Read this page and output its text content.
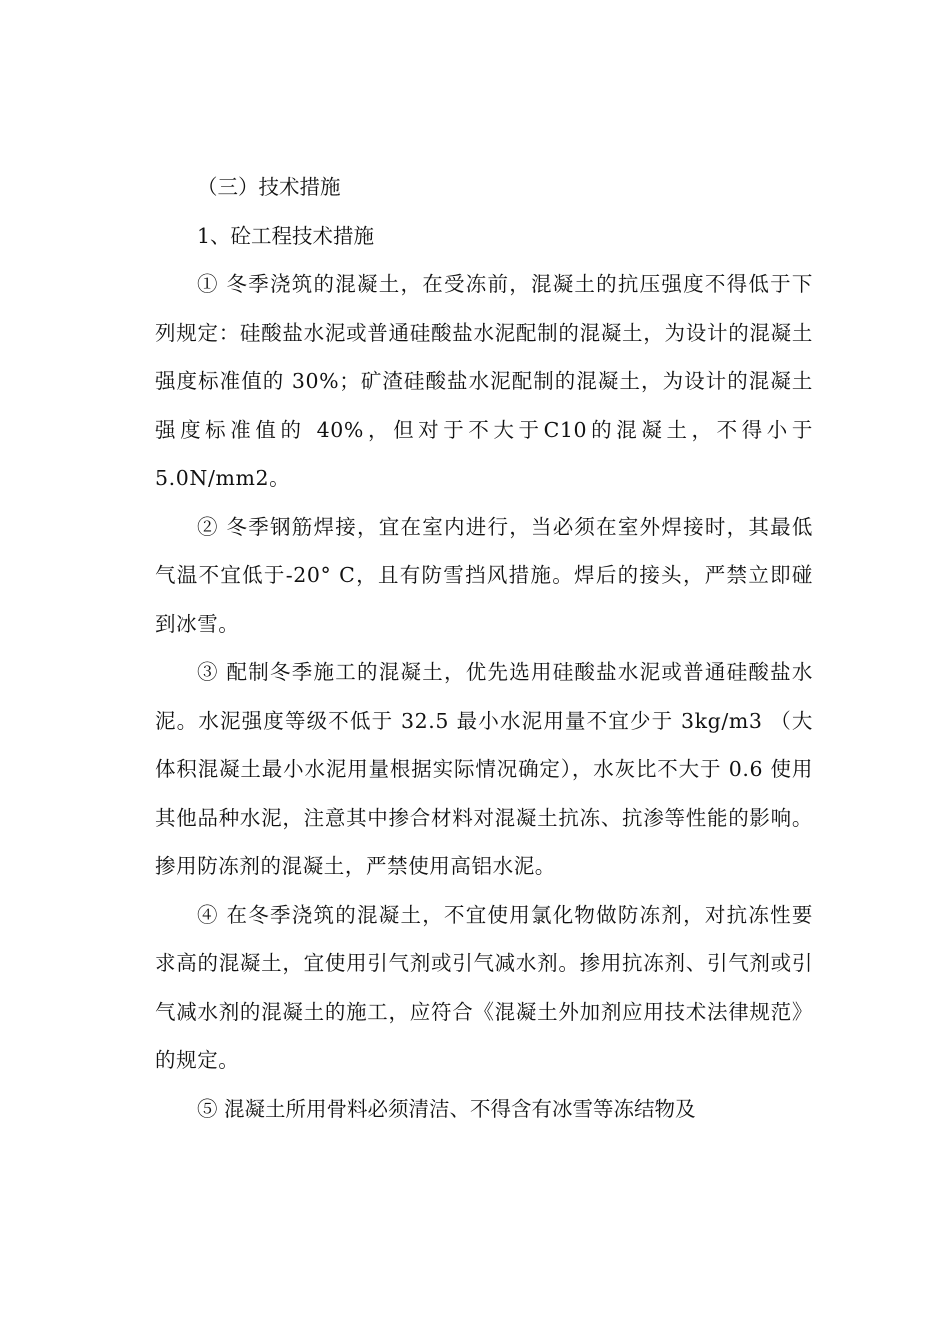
（三）技术措施

1、砼工程技术措施

① 冬季浇筑的混凝土，在受冻前，混凝土的抗压强度不得低于下列规定：硅酸盐水泥或普通硅酸盐水泥配制的混凝土，为设计的混凝土强度标准值的 30%；矿渣硅酸盐水泥配制的混凝土，为设计的混凝土强度标准值的 40%，但对于不大于C10的混凝土，不得小于5.0N/mm2。

② 冬季钢筋焊接，宜在室内进行，当必须在室外焊接时，其最低气温不宜低于-20° C，且有防雪挡风措施。焊后的接头，严禁立即碰到冰雪。

③ 配制冬季施工的混凝土，优先选用硅酸盐水泥或普通硅酸盐水泥。水泥强度等级不低于 32.5 最小水泥用量不宜少于 3kg/m3 （大体积混凝土最小水泥用量根据实际情况确定），水灰比不大于 0.6 使用其他品种水泥，注意其中掺合材料对混凝土抗冻、抗渗等性能的影响。掺用防冻剂的混凝土，严禁使用高铝水泥。

④ 在冬季浇筑的混凝土，不宜使用氯化物做防冻剂，对抗冻性要求高的混凝土，宜使用引气剂或引气减水剂。掺用抗冻剂、引气剂或引气减水剂的混凝土的施工，应符合《混凝土外加剂应用技术法律规范》的规定。

⑤ 混凝土所用骨料必须清洁、不得含有冰雪等冻结物及
